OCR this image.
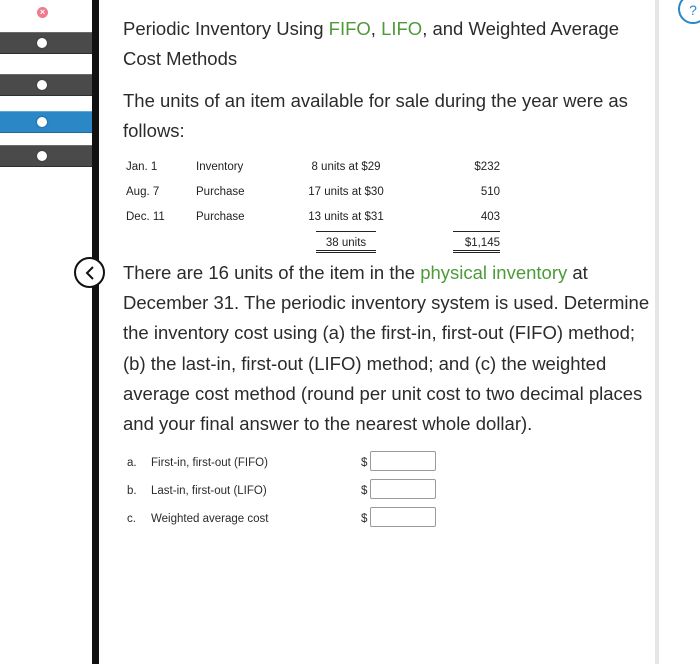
×	?
Periodic Inventory Using FIFO, LIFO, and Weighted Average Cost Methods

The units of an item available for sale during the year were as follows:

Jan. 1	Inventory	8 units at $29		$232
Aug. 7	Purchase	17 units at $30		510
Dec. 11	Purchase	13 units at $31		403
		38 units		$1,145

There are 16 units of the item in the physical inventory at December 31. The periodic inventory system is used. Determine the inventory cost using (a) the first-in, first-out (FIFO) method; (b) the last-in, first-out (LIFO) method; and (c) the weighted average cost method (round per unit cost to two decimal places and your final answer to the nearest whole dollar).

a. First-in, first-out (FIFO)	$
b. Last-in, first-out (LIFO)	$
c. Weighted average cost	$
